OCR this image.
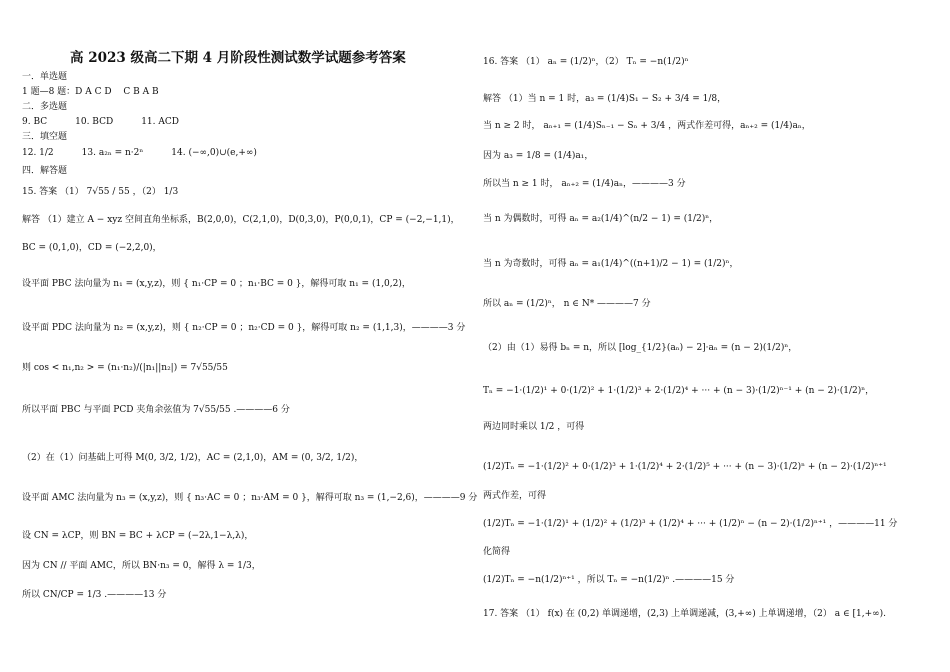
高 2023 级高二下期 4 月阶段性测试数学试题参考答案
一．单选题
1 题—8 题：D A C D　 C B A B
二．多选题
9. BC	10. BCD	11. ACD
三．填空题
12. 1/2	13. a₂ₙ = n·2ⁿ	14. (−∞,0)∪(e,+∞)
四．解答题
15. 答案 （1） 7√55 / 55 ，（2） 1/3
解答 （1）建立 A − xyz 空间直角坐标系，B(2,0,0)，C(2,1,0)，D(0,3,0)，P(0,0,1)，CP = (−2,−1,1)，
BC = (0,1,0)，CD = (−2,2,0)，
设平面 PBC 法向量为 n₁ = (x,y,z)，则 { n₁·CP = 0 ；n₁·BC = 0 }，解得可取 n₁ = (1,0,2)，
设平面 PDC 法向量为 n₂ = (x,y,z)，则 { n₂·CP = 0 ；n₂·CD = 0 }，解得可取 n₂ = (1,1,3)，————3 分
则 cos < n₁,n₂ > = (n₁·n₂)/(|n₁||n₂|) = 7√55/55
所以平面 PBC 与平面 PCD 夹角余弦值为 7√55/55 .————6 分
（2）在（1）问基础上可得 M(0, 3/2, 1/2)，AC = (2,1,0)，AM = (0, 3/2, 1/2)，
设平面 AMC 法向量为 n₃ = (x,y,z)，则 { n₃·AC = 0 ；n₃·AM = 0 }，解得可取 n₃ = (1,−2,6)，————9 分
设 CN = λCP，则 BN = BC + λCP = (−2λ,1−λ,λ)，
因为 CN // 平面 AMC，所以 BN·n₃ = 0，解得 λ = 1/3，
所以 CN/CP = 1/3 .————13 分
16. 答案 （1） aₙ = (1/2)ⁿ，（2） Tₙ = −n(1/2)ⁿ
解答 （1）当 n = 1 时，a₃ = (1/4)S₁ − S₂ + 3/4 = 1/8，
当 n ≥ 2 时， aₙ₊₁ = (1/4)Sₙ₋₁ − Sₙ + 3/4 ，两式作差可得，aₙ₊₂ = (1/4)aₙ，
因为 a₃ = 1/8 = (1/4)a₁，
所以当 n ≥ 1 时， aₙ₊₂ = (1/4)aₙ，————3 分
当 n 为偶数时，可得 aₙ = a₂(1/4)^(n/2 − 1) = (1/2)ⁿ，
当 n 为奇数时，可得 aₙ = a₁(1/4)^((n+1)/2 − 1) = (1/2)ⁿ，
所以 aₙ = (1/2)ⁿ， n ∈ N* ————7 分
（2）由（1）易得 bₙ = n，所以 [log_{1/2}(aₙ) − 2]·aₙ = (n − 2)(1/2)ⁿ，
Tₙ = −1·(1/2)¹ + 0·(1/2)² + 1·(1/2)³ + 2·(1/2)⁴ + ··· + (n − 3)·(1/2)ⁿ⁻¹ + (n − 2)·(1/2)ⁿ，
两边同时乘以 1/2 ，可得
(1/2)Tₙ = −1·(1/2)² + 0·(1/2)³ + 1·(1/2)⁴ + 2·(1/2)⁵ + ··· + (n − 3)·(1/2)ⁿ + (n − 2)·(1/2)ⁿ⁺¹
两式作差，可得
(1/2)Tₙ = −1·(1/2)¹ + (1/2)² + (1/2)³ + (1/2)⁴ + ··· + (1/2)ⁿ − (n − 2)·(1/2)ⁿ⁺¹ ，————11 分
化简得
(1/2)Tₙ = −n(1/2)ⁿ⁺¹ ，所以 Tₙ = −n(1/2)ⁿ .————15 分
17. 答案 （1） f(x) 在 (0,2) 单调递增，(2,3) 上单调递减，(3,+∞) 上单调递增，（2） a ∈ [1,+∞).
